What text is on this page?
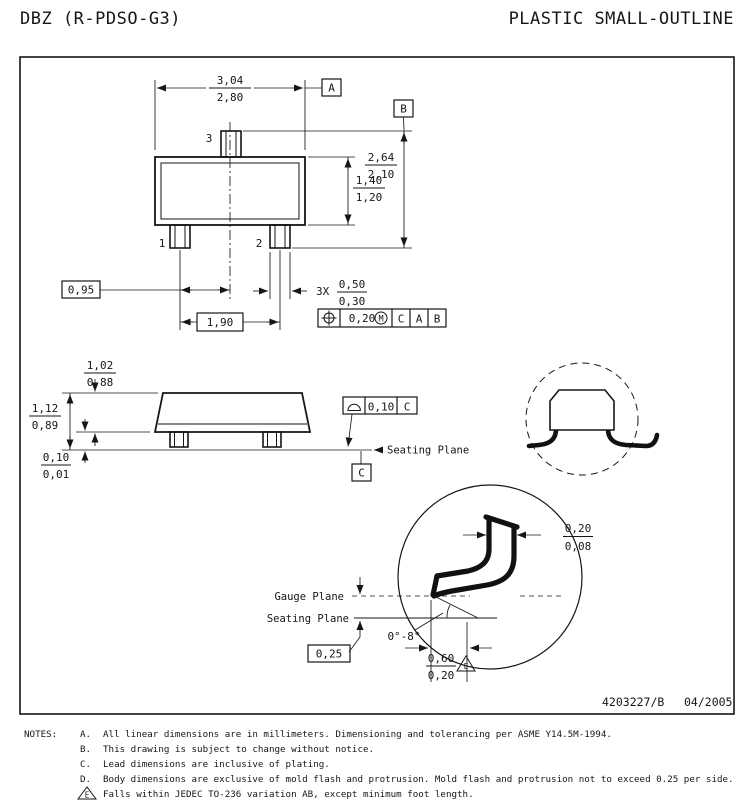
DBZ (R-PDSO-G3)	PLASTIC SMALL-OUTLINE
3
1	2
3,04
2,80
A
B
2,64
2,10
1,40
1,20
0,95
1,90
3X
0,50
0,30
0,20 M C A B
Seating Plane
C
0,10 C
1,02
0,88
1,12
0,89
0,10
0,01
Gauge Plane
Seating Plane
0,25
0°-8°
0,60
0,20
E
0,20
0,08
4203227/B 04/2005
NOTES: A. All linear dimensions are in millimeters. Dimensioning and tolerancing per ASME Y14.5M-1994.
B. This drawing is subject to change without notice.
C. Lead dimensions are inclusive of plating.
D. Body dimensions are exclusive of mold flash and protrusion. Mold flash and protrusion not to exceed 0.25 per side.
E Falls within JEDEC TO-236 variation AB, except minimum foot length.
